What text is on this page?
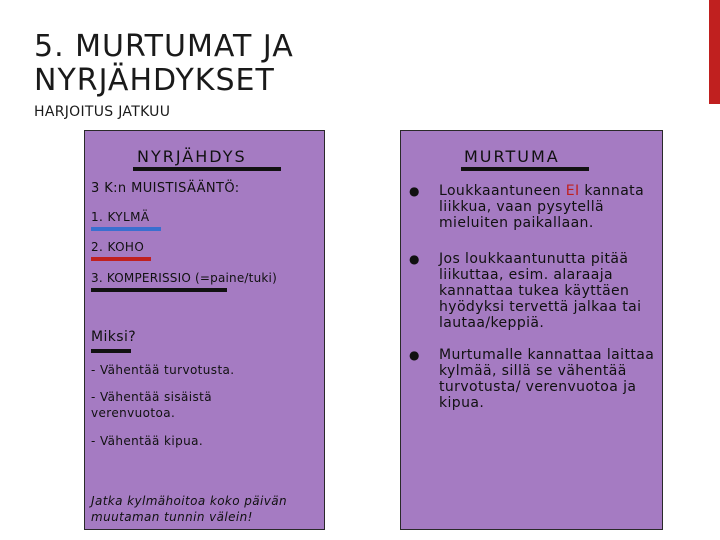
5. MURTUMAT JA
NYRJÄHDYKSET
HARJOITUS JATKUU
NYRJÄHDYS
3 K:n MUISTISÄÄNTÖ:
1. KYLMÄ
2. KOHO
3. KOMPERISSIO (=paine/tuki)
Miksi?
- Vähentää turvotusta.
- Vähentää sisäistä verenvuotoa.
- Vähentää kipua.
Jatka kylmähoitoa koko päivän muutaman tunnin välein!
MURTUMA
● Loukkaantuneen EI kannata liikkua, vaan pysytellä mieluiten paikallaan.
● Jos loukkaantunutta pitää liikuttaa, esim. alaraaja kannattaa tukea käyttäen hyödyksi tervettä jalkaa tai lautaa/keppiä.
● Murtumalle kannattaa laittaa kylmää, sillä se vähentää turvotusta/ verenvuotoa ja kipua.
